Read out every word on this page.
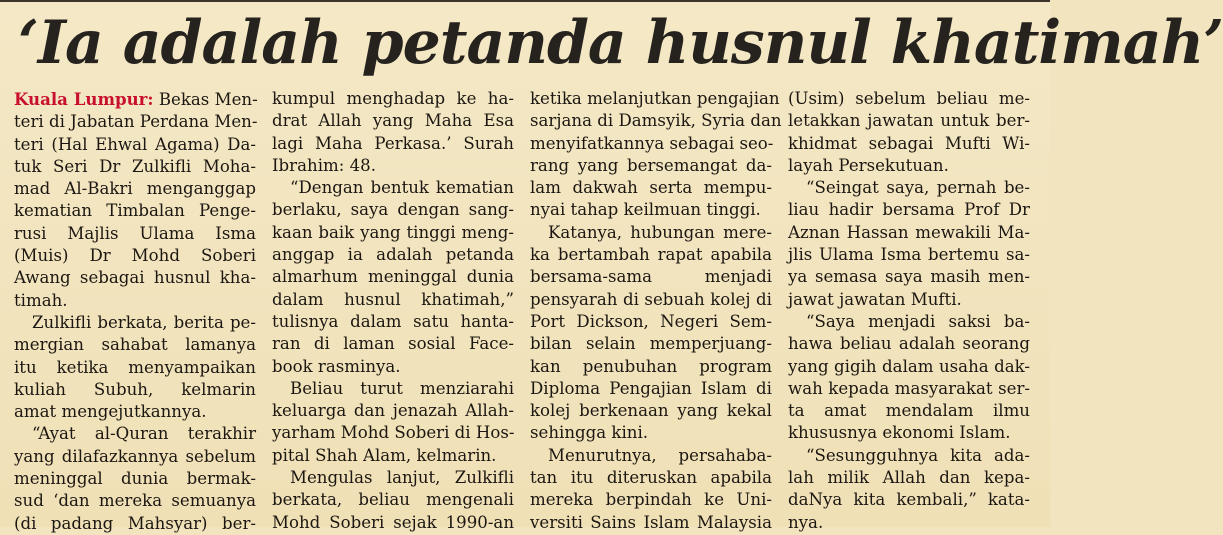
‘Ia adalah petanda husnul khatimah’
Kuala Lumpur: Bekas Men-
teri di Jabatan Perdana Men-
teri (Hal Ehwal Agama) Da-
tuk Seri Dr Zulkifli Moha-
mad Al-Bakri menganggap
kematian Timbalan Penge-
rusi Majlis Ulama Isma
(Muis) Dr Mohd Soberi
Awang sebagai husnul kha-
timah.
Zulkifli berkata, berita pe-
mergian sahabat lamanya
itu ketika menyampaikan
kuliah Subuh, kelmarin
amat mengejutkannya.
“Ayat al-Quran terakhir
yang dilafazkannya sebelum
meninggal dunia bermak-
sud ‘dan mereka semuanya
(di padang Mahsyar) ber-
kumpul menghadap ke ha-
drat Allah yang Maha Esa
lagi Maha Perkasa.’ Surah
Ibrahim: 48.
“Dengan bentuk kematian
berlaku, saya dengan sang-
kaan baik yang tinggi meng-
anggap ia adalah petanda
almarhum meninggal dunia
dalam husnul khatimah,”
tulisnya dalam satu hanta-
ran di laman sosial Face-
book rasminya.
Beliau turut menziarahi
keluarga dan jenazah Allah-
yarham Mohd Soberi di Hos-
pital Shah Alam, kelmarin.
Mengulas lanjut, Zulkifli
berkata, beliau mengenali
Mohd Soberi sejak 1990-an
ketika melanjutkan pengajian
sarjana di Damsyik, Syria dan
menyifatkannya sebagai seo-
rang yang bersemangat da-
lam dakwah serta mempu-
nyai tahap keilmuan tinggi.
Katanya, hubungan mere-
ka bertambah rapat apabila
bersama-sama menjadi
pensyarah di sebuah kolej di
Port Dickson, Negeri Sem-
bilan selain memperjuang-
kan penubuhan program
Diploma Pengajian Islam di
kolej berkenaan yang kekal
sehingga kini.
Menurutnya, persahaba-
tan itu diteruskan apabila
mereka berpindah ke Uni-
versiti Sains Islam Malaysia
(Usim) sebelum beliau me-
letakkan jawatan untuk ber-
khidmat sebagai Mufti Wi-
layah Persekutuan.
“Seingat saya, pernah be-
liau hadir bersama Prof Dr
Aznan Hassan mewakili Ma-
jlis Ulama Isma bertemu sa-
ya semasa saya masih men-
jawat jawatan Mufti.
“Saya menjadi saksi ba-
hawa beliau adalah seorang
yang gigih dalam usaha dak-
wah kepada masyarakat ser-
ta amat mendalam ilmu
khususnya ekonomi Islam.
“Sesungguhnya kita ada-
lah milik Allah dan kepa-
daNya kita kembali,” kata-
nya.
